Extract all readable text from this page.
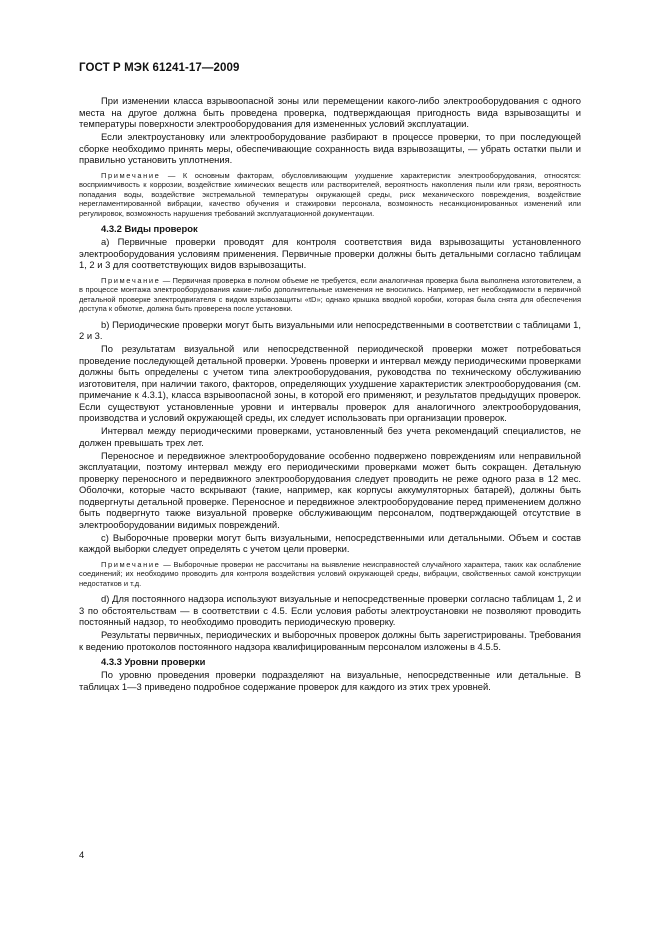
ГОСТ Р МЭК 61241-17—2009

При изменении класса взрывоопасной зоны или перемещении какого-либо электрооборудования с одного места на другое должна быть проведена проверка, подтверждающая пригодность вида взрывозащиты и температуры поверхности электрооборудования для измененных условий эксплуатации.

Если электроустановку или электрооборудование разбирают в процессе проверки, то при последующей сборке необходимо принять меры, обеспечивающие сохранность вида взрывозащиты, — убрать остатки пыли и правильно установить уплотнения.

Примечание — К основным факторам, обусловливающим ухудшение характеристик электрооборудования, относятся: восприимчивость к коррозии, воздействие химических веществ или растворителей, вероятность накопления пыли или грязи, вероятность попадания воды, воздействие экстремальной температуры окружающей среды, риск механического повреждения, воздействие нерегламентированной вибрации, качество обучения и стажировки персонала, возможность несанкционированных изменений или регулировок, возможность нарушения требований эксплуатационной документации.

4.3.2 Виды проверок

а) Первичные проверки проводят для контроля соответствия вида взрывозащиты установленного электрооборудования условиям применения. Первичные проверки должны быть детальными согласно таблицам 1, 2 и 3 для соответствующих видов взрывозащиты.

Примечание — Первичная проверка в полном объеме не требуется, если аналогичная проверка была выполнена изготовителем, а в процессе монтажа электрооборудования какие-либо дополнительные изменения не вносились. Например, нет необходимости в первичной детальной проверке электродвигателя с видом взрывозащиты «tD»; однако крышка вводной коробки, которая была снята для обеспечения доступа к обмотке, должна быть проверена после установки.

b) Периодические проверки могут быть визуальными или непосредственными в соответствии с таблицами 1, 2 и 3.

По результатам визуальной или непосредственной периодической проверки может потребоваться проведение последующей детальной проверки. Уровень проверки и интервал между периодическими проверками должны быть определены с учетом типа электрооборудования, руководства по техническому обслуживанию изготовителя, при наличии такого, факторов, определяющих ухудшение характеристик электрооборудования (см. примечание к 4.3.1), класса взрывоопасной зоны, в которой его применяют, и результатов предыдущих проверок. Если существуют установленные уровни и интервалы проверок для аналогичного электрооборудования, производства и условий окружающей среды, их следует использовать при организации проверок.

Интервал между периодическими проверками, установленный без учета рекомендаций специалистов, не должен превышать трех лет.

Переносное и передвижное электрооборудование особенно подвержено повреждениям или неправильной эксплуатации, поэтому интервал между его периодическими проверками может быть сокращен. Детальную проверку переносного и передвижного электрооборудования следует проводить не реже одного раза в 12 мес. Оболочки, которые часто вскрывают (такие, например, как корпусы аккумуляторных батарей), должны быть подвергнуты детальной проверке. Переносное и передвижное электрооборудование перед применением должно быть подвергнуто также визуальной проверке обслуживающим персоналом, подтверждающей отсутствие в электрооборудовании видимых повреждений.

с) Выборочные проверки могут быть визуальными, непосредственными или детальными. Объем и состав каждой выборки следует определять с учетом цели проверки.

Примечание — Выборочные проверки не рассчитаны на выявление неисправностей случайного характера, таких как ослабление соединений; их необходимо проводить для контроля воздействия условий окружающей среды, вибрации, свойственных самой конструкции недостатков и т.д.

d) Для постоянного надзора используют визуальные и непосредственные проверки согласно таблицам 1, 2 и 3 по обстоятельствам — в соответствии с 4.5. Если условия работы электроустановки не позволяют проводить постоянный надзор, то необходимо проводить периодическую проверку.

Результаты первичных, периодических и выборочных проверок должны быть зарегистрированы. Требования к ведению протоколов постоянного надзора квалифицированным персоналом изложены в 4.5.5.

4.3.3 Уровни проверки

По уровню проведения проверки подразделяют на визуальные, непосредственные или детальные. В таблицах 1—3 приведено подробное содержание проверок для каждого из этих трех уровней.

4
